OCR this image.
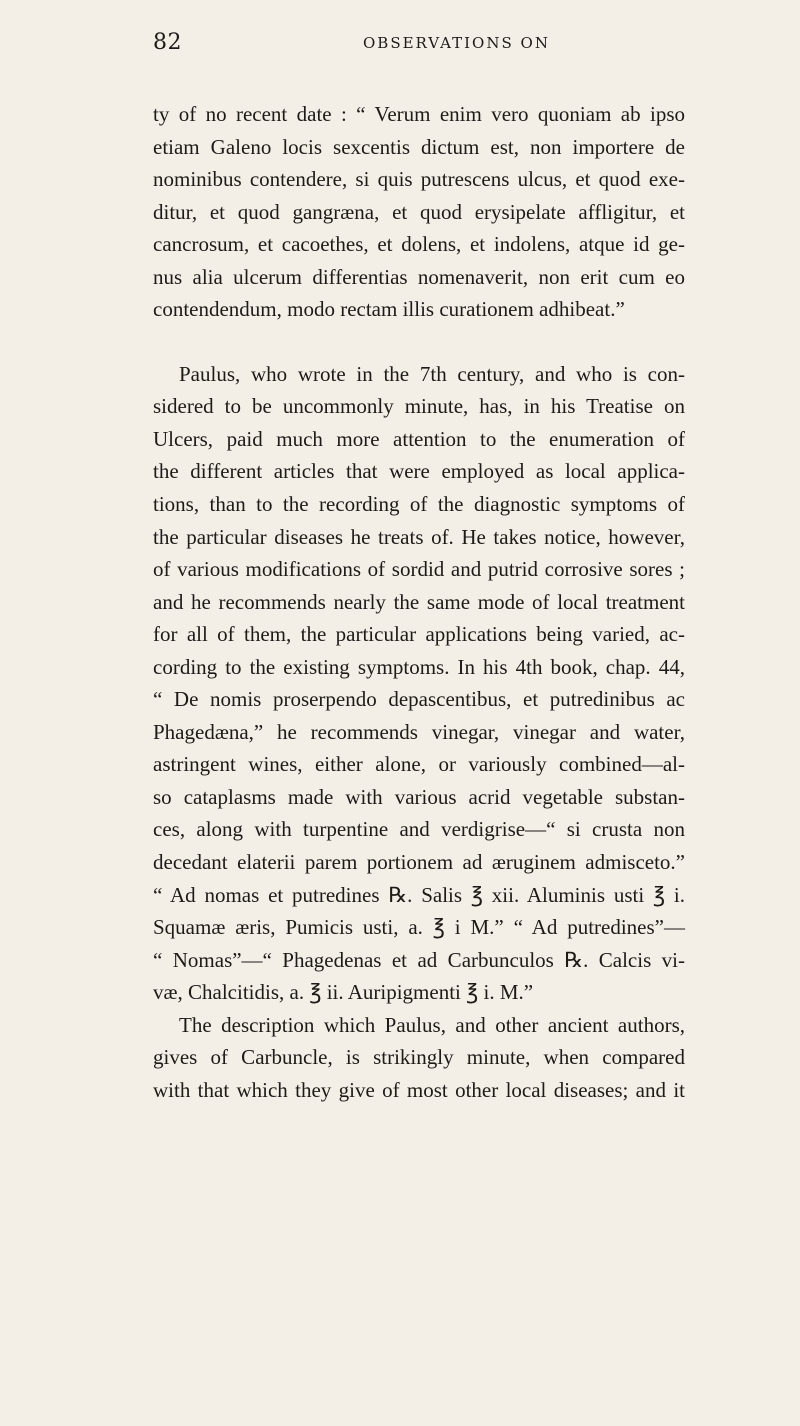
82	OBSERVATIONS ON
ty of no recent date : “ Verum enim vero quoniam ab ipso
etiam Galeno locis sexcentis dictum est, non importere de
nominibus contendere, si quis putrescens ulcus, et quod exe-
ditur, et quod gangræna, et quod erysipelate affligitur, et
cancrosum, et cacoethes, et dolens, et indolens, atque id ge-
nus alia ulcerum differentias nomenaverit, non erit cum eo
contendendum, modo rectam illis curationem adhibeat.”
Paulus, who wrote in the 7th century, and who is con-
sidered to be uncommonly minute, has, in his Treatise on
Ulcers, paid much more attention to the enumeration of
the different articles that were employed as local applica-
tions, than to the recording of the diagnostic symptoms of
the particular diseases he treats of. He takes notice, however,
of various modifications of sordid and putrid corrosive sores ;
and he recommends nearly the same mode of local treatment
for all of them, the particular applications being varied, ac-
cording to the existing symptoms. In his 4th book, chap. 44,
“ De nomis proserpendo depascentibus, et putredinibus ac
Phagedæna,” he recommends vinegar, vinegar and water,
astringent wines, either alone, or variously combined—al-
so cataplasms made with various acrid vegetable substan-
ces, along with turpentine and verdigrise—“ si crusta non
decedant elaterii parem portionem ad æruginem admisceto.”
“ Ad nomas et putredines ℞. Salis ℥ xii. Aluminis usti ℥ i.
Squamæ æris, Pumicis usti, a. ℥ i M.” “ Ad putredines”—
“ Nomas”—“ Phagedenas et ad Carbunculos ℞. Calcis vi-
væ, Chalcitidis, a. ℥ ii. Auripigmenti ℥ i. M.”
The description which Paulus, and other ancient authors,
gives of Carbuncle, is strikingly minute, when compared
with that which they give of most other local diseases; and it
